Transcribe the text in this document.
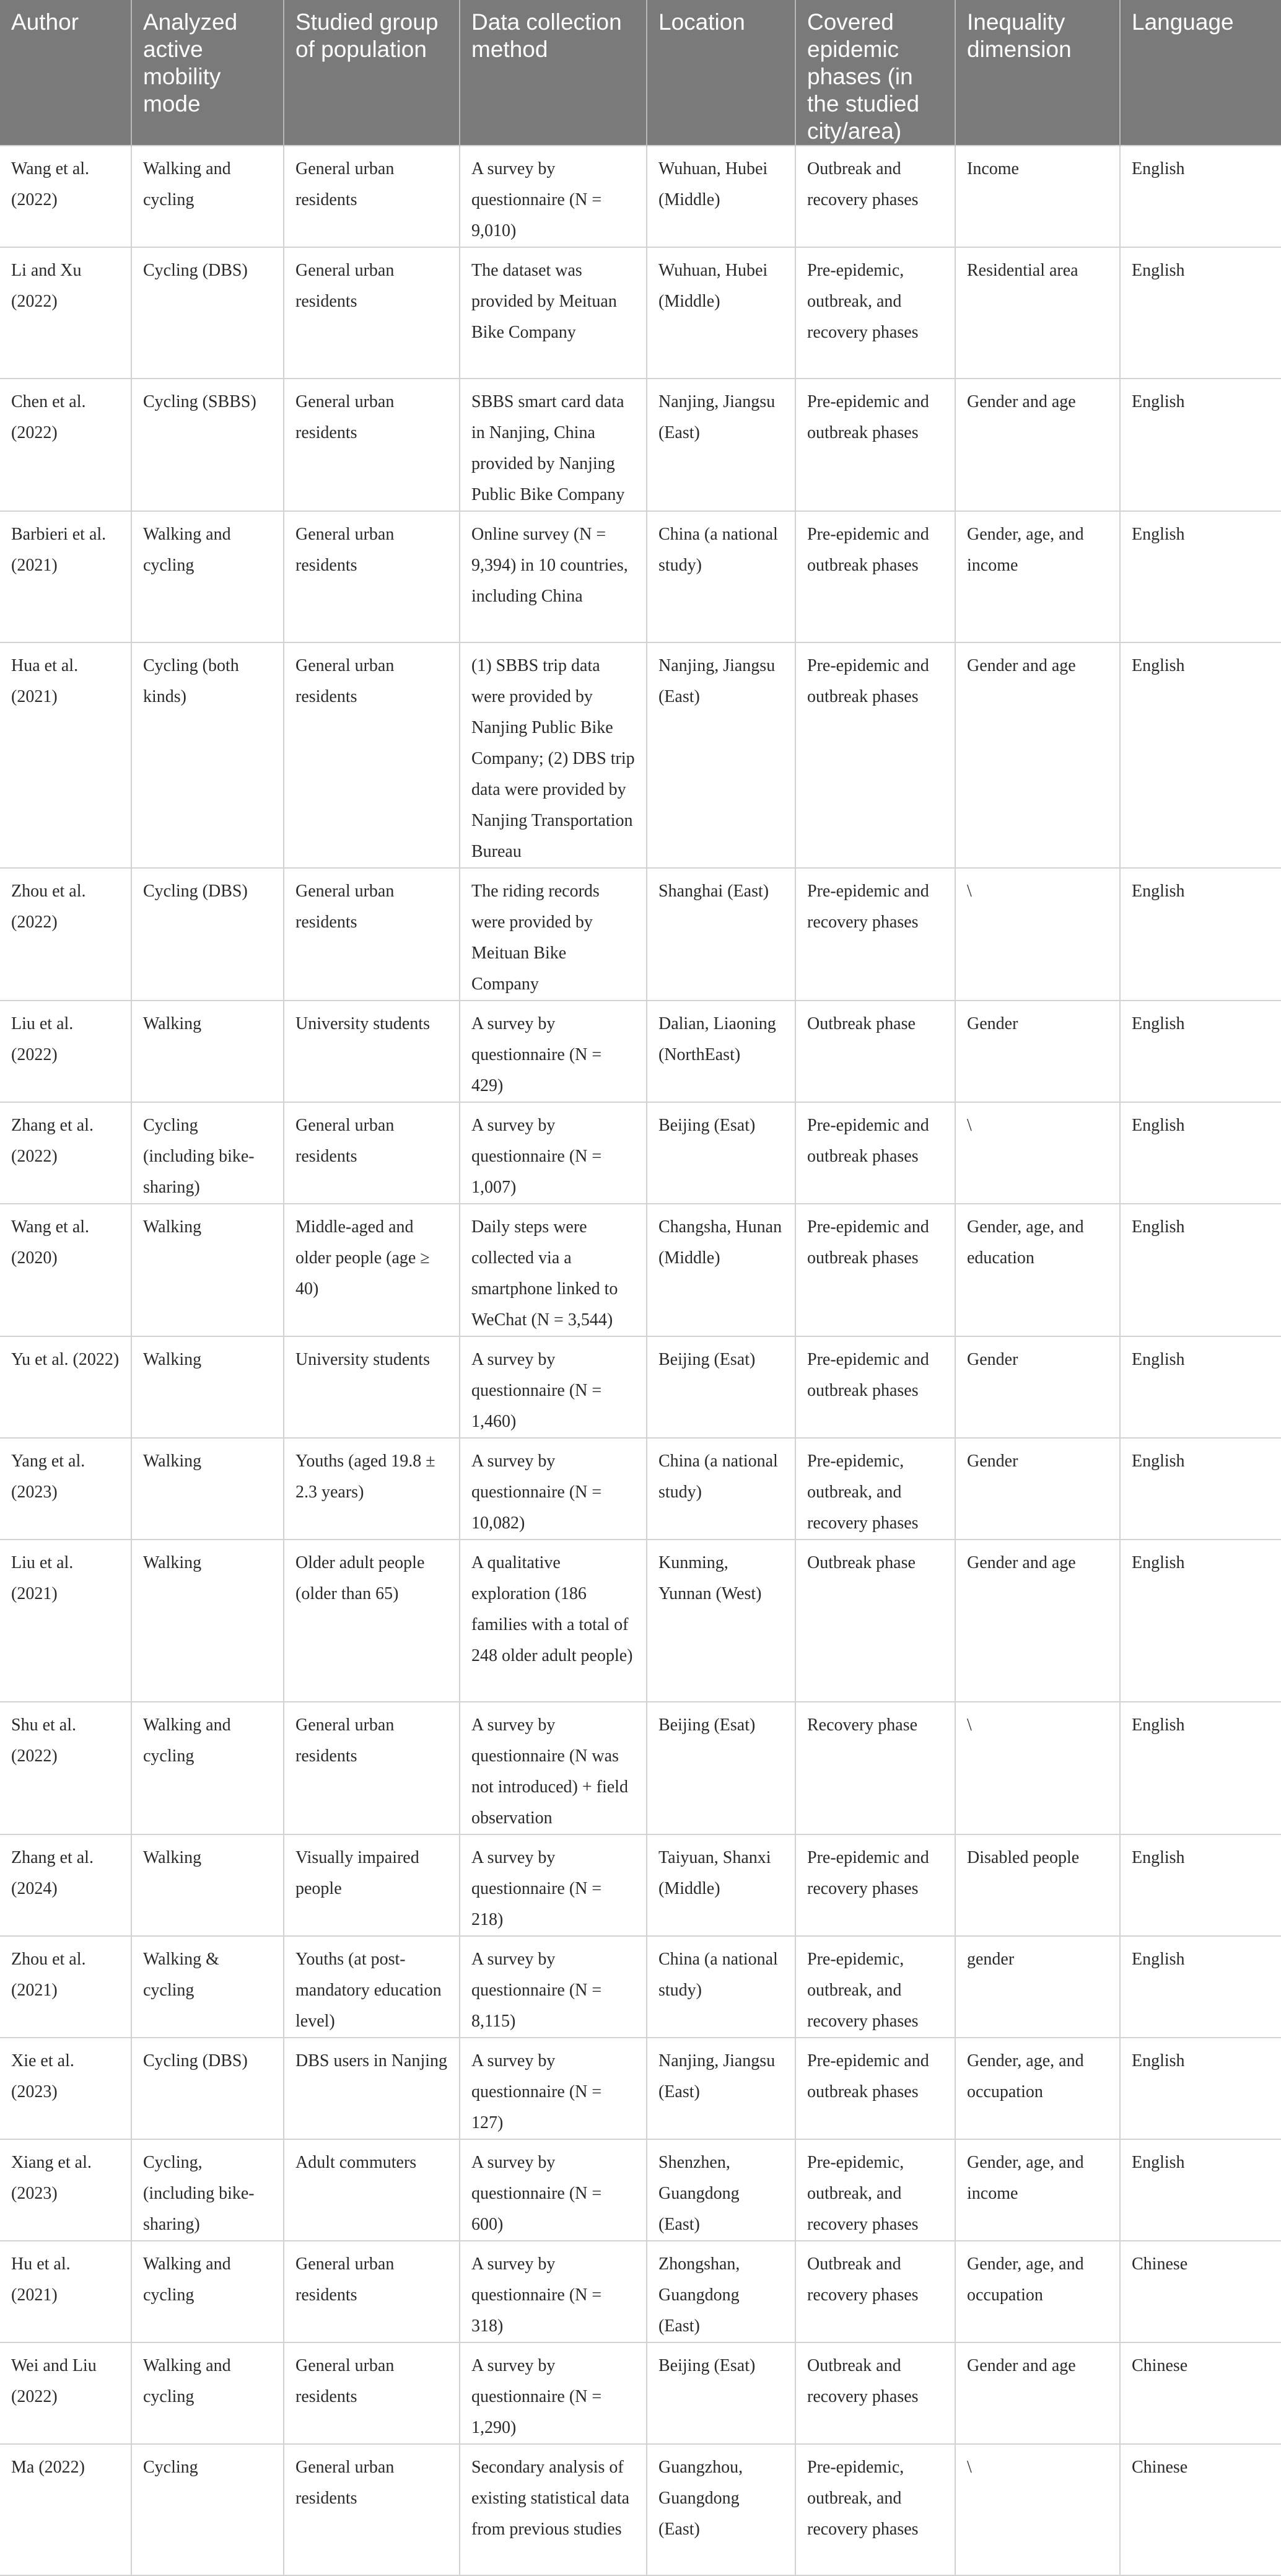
Author	Analyzed active mobility mode	Studied group of population	Data collection method	Location	Covered epidemic phases (in the studied city/area)	Inequality dimension	Language
Wang et al. (2022)	Walking and cycling	General urban residents	A survey by questionnaire (N = 9,010)	Wuhuan, Hubei (Middle)	Outbreak and recovery phases	Income	English
Li and Xu (2022)	Cycling (DBS)	General urban residents	The dataset was provided by Meituan Bike Company	Wuhuan, Hubei (Middle)	Pre-epidemic, outbreak, and recovery phases	Residential area	English
Chen et al. (2022)	Cycling (SBBS)	General urban residents	SBBS smart card data in Nanjing, China provided by Nanjing Public Bike Company	Nanjing, Jiangsu (East)	Pre-epidemic and outbreak phases	Gender and age	English
Barbieri et al. (2021)	Walking and cycling	General urban residents	Online survey (N = 9,394) in 10 countries, including China	China (a national study)	Pre-epidemic and outbreak phases	Gender, age, and income	English
Hua et al. (2021)	Cycling (both kinds)	General urban residents	(1) SBBS trip data were provided by Nanjing Public Bike Company; (2) DBS trip data were provided by Nanjing Transportation Bureau	Nanjing, Jiangsu (East)	Pre-epidemic and outbreak phases	Gender and age	English
Zhou et al. (2022)	Cycling (DBS)	General urban residents	The riding records were provided by Meituan Bike Company	Shanghai (East)	Pre-epidemic and recovery phases	\	English
Liu et al. (2022)	Walking	University students	A survey by questionnaire (N = 429)	Dalian, Liaoning (NorthEast)	Outbreak phase	Gender	English
Zhang et al. (2022)	Cycling (including bike-sharing)	General urban residents	A survey by questionnaire (N = 1,007)	Beijing (Esat)	Pre-epidemic and outbreak phases	\	English
Wang et al. (2020)	Walking	Middle-aged and older people (age ≥ 40)	Daily steps were collected via a smartphone linked to WeChat (N = 3,544)	Changsha, Hunan (Middle)	Pre-epidemic and outbreak phases	Gender, age, and education	English
Yu et al. (2022)	Walking	University students	A survey by questionnaire (N = 1,460)	Beijing (Esat)	Pre-epidemic and outbreak phases	Gender	English
Yang et al. (2023)	Walking	Youths (aged 19.8 ± 2.3 years)	A survey by questionnaire (N = 10,082)	China (a national study)	Pre-epidemic, outbreak, and recovery phases	Gender	English
Liu et al. (2021)	Walking	Older adult people (older than 65)	A qualitative exploration (186 families with a total of 248 older adult people)	Kunming, Yunnan (West)	Outbreak phase	Gender and age	English
Shu et al. (2022)	Walking and cycling	General urban residents	A survey by questionnaire (N was not introduced) + field observation	Beijing (Esat)	Recovery phase	\	English
Zhang et al. (2024)	Walking	Visually impaired people	A survey by questionnaire (N = 218)	Taiyuan, Shanxi (Middle)	Pre-epidemic and recovery phases	Disabled people	English
Zhou et al. (2021)	Walking & cycling	Youths (at post-mandatory education level)	A survey by questionnaire (N = 8,115)	China (a national study)	Pre-epidemic, outbreak, and recovery phases	gender	English
Xie et al. (2023)	Cycling (DBS)	DBS users in Nanjing	A survey by questionnaire (N = 127)	Nanjing, Jiangsu (East)	Pre-epidemic and outbreak phases	Gender, age, and occupation	English
Xiang et al. (2023)	Cycling, (including bike-sharing)	Adult commuters	A survey by questionnaire (N = 600)	Shenzhen, Guangdong (East)	Pre-epidemic, outbreak, and recovery phases	Gender, age, and income	English
Hu et al. (2021)	Walking and cycling	General urban residents	A survey by questionnaire (N = 318)	Zhongshan, Guangdong (East)	Outbreak and recovery phases	Gender, age, and occupation	Chinese
Wei and Liu (2022)	Walking and cycling	General urban residents	A survey by questionnaire (N = 1,290)	Beijing (Esat)	Outbreak and recovery phases	Gender and age	Chinese
Ma (2022)	Cycling	General urban residents	Secondary analysis of existing statistical data from previous studies	Guangzhou, Guangdong (East)	Pre-epidemic, outbreak, and recovery phases	\	Chinese
